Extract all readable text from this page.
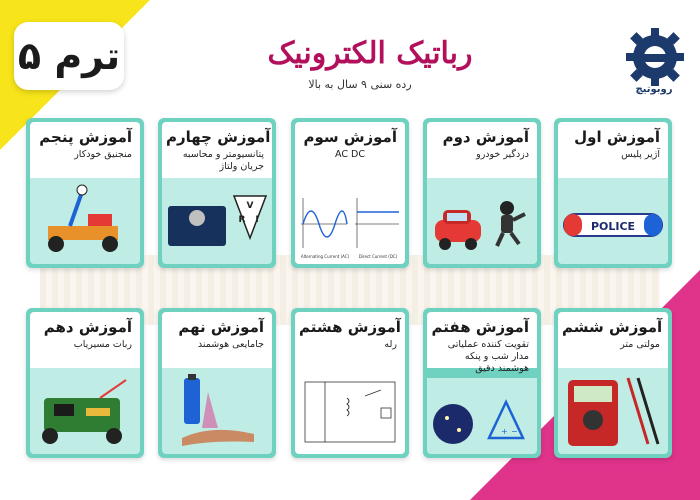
ترم ۵	رباتیک الکترونیک
رده سنی ۹ سال به بالا	روبوتیچ
آموزش اول
آژیر پلیس
POLICE
آموزش دوم
دزدگیر خودرو
آموزش سوم
AC DC
Alternating Current (AC) Direct Current (DC)
آموزش چهارم
پتانسیومتر و محاسبه جریان ولتاژ
V
R I
آموزش پنجم
منجنیق خودکار
آموزش ششم
مولتی متر
آموزش هفتم
تقویت کننده عملیاتی مدار شب و پنکه هوشمند دقیق
+ −
آموزش هشتم
رله
آموزش نهم
جامایعی هوشمند
آموزش دهم
ربات مسیریاب
